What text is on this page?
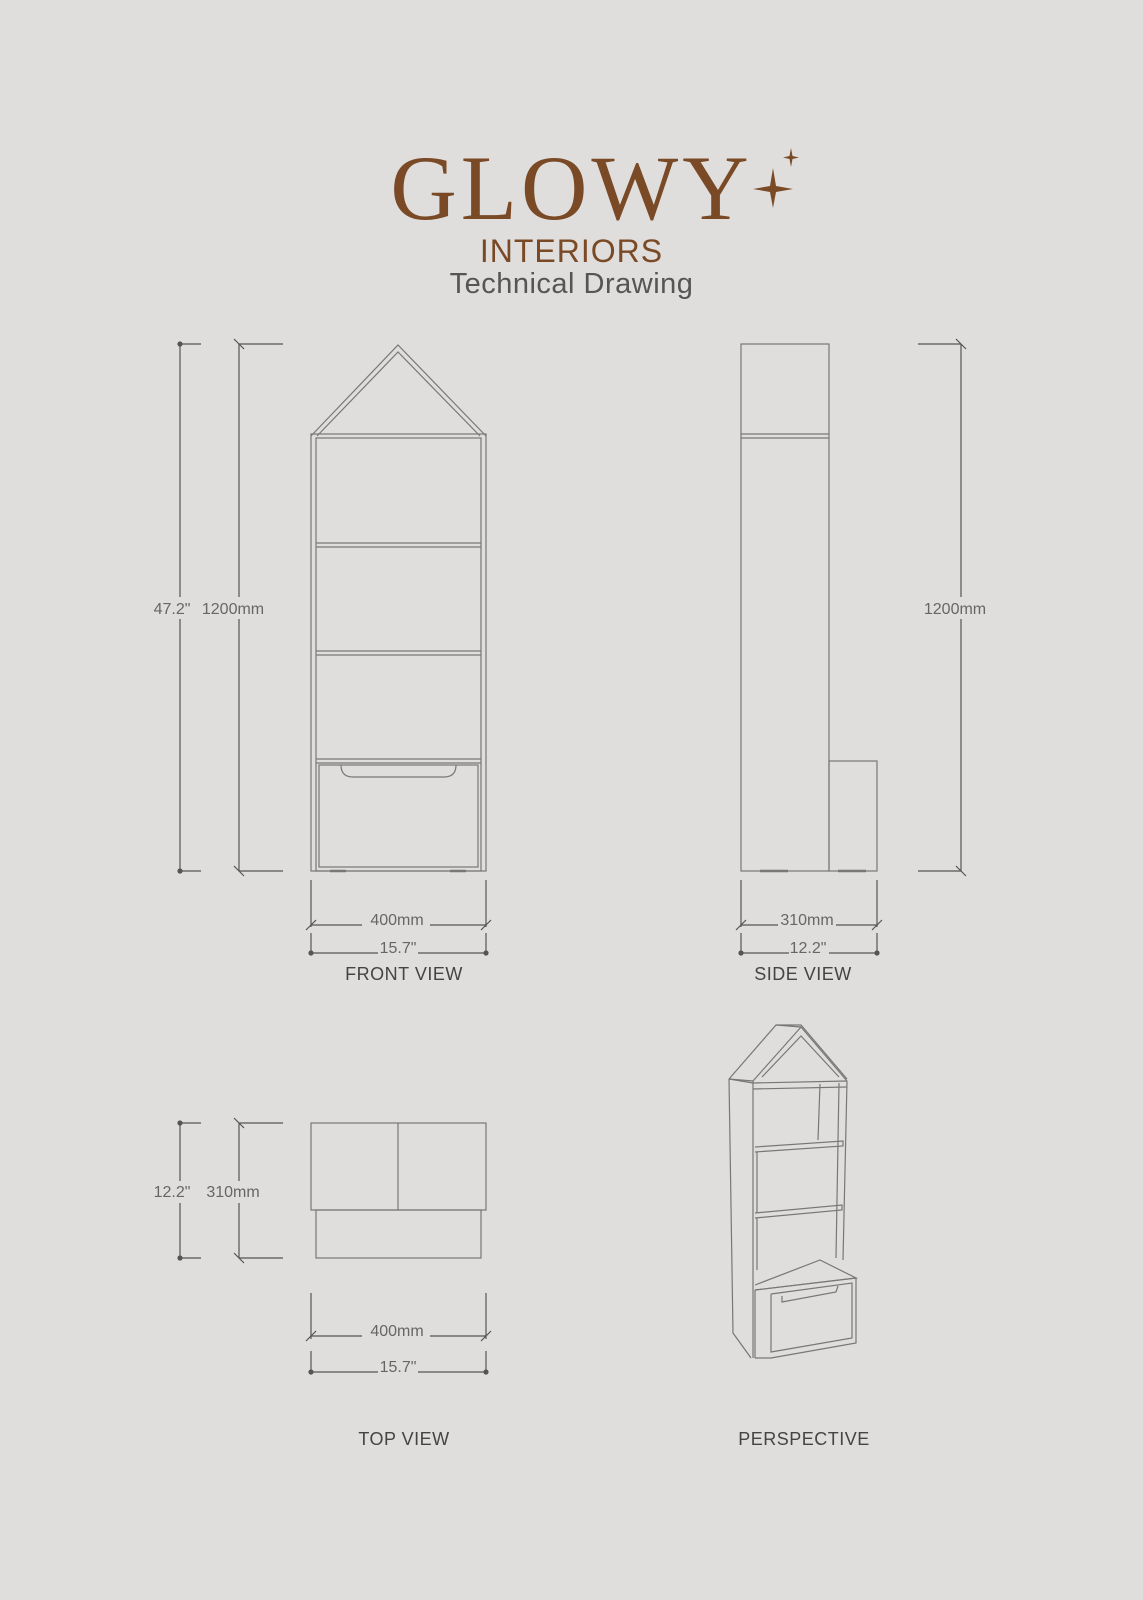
GLOWY
INTERIORS
Technical Drawing
47.2" 1200mm
400mm
15.7"
FRONT VIEW
1200mm
310mm
12.2"
SIDE VIEW
12.2" 310mm
400mm
15.7"
TOP VIEW	PERSPECTIVE
